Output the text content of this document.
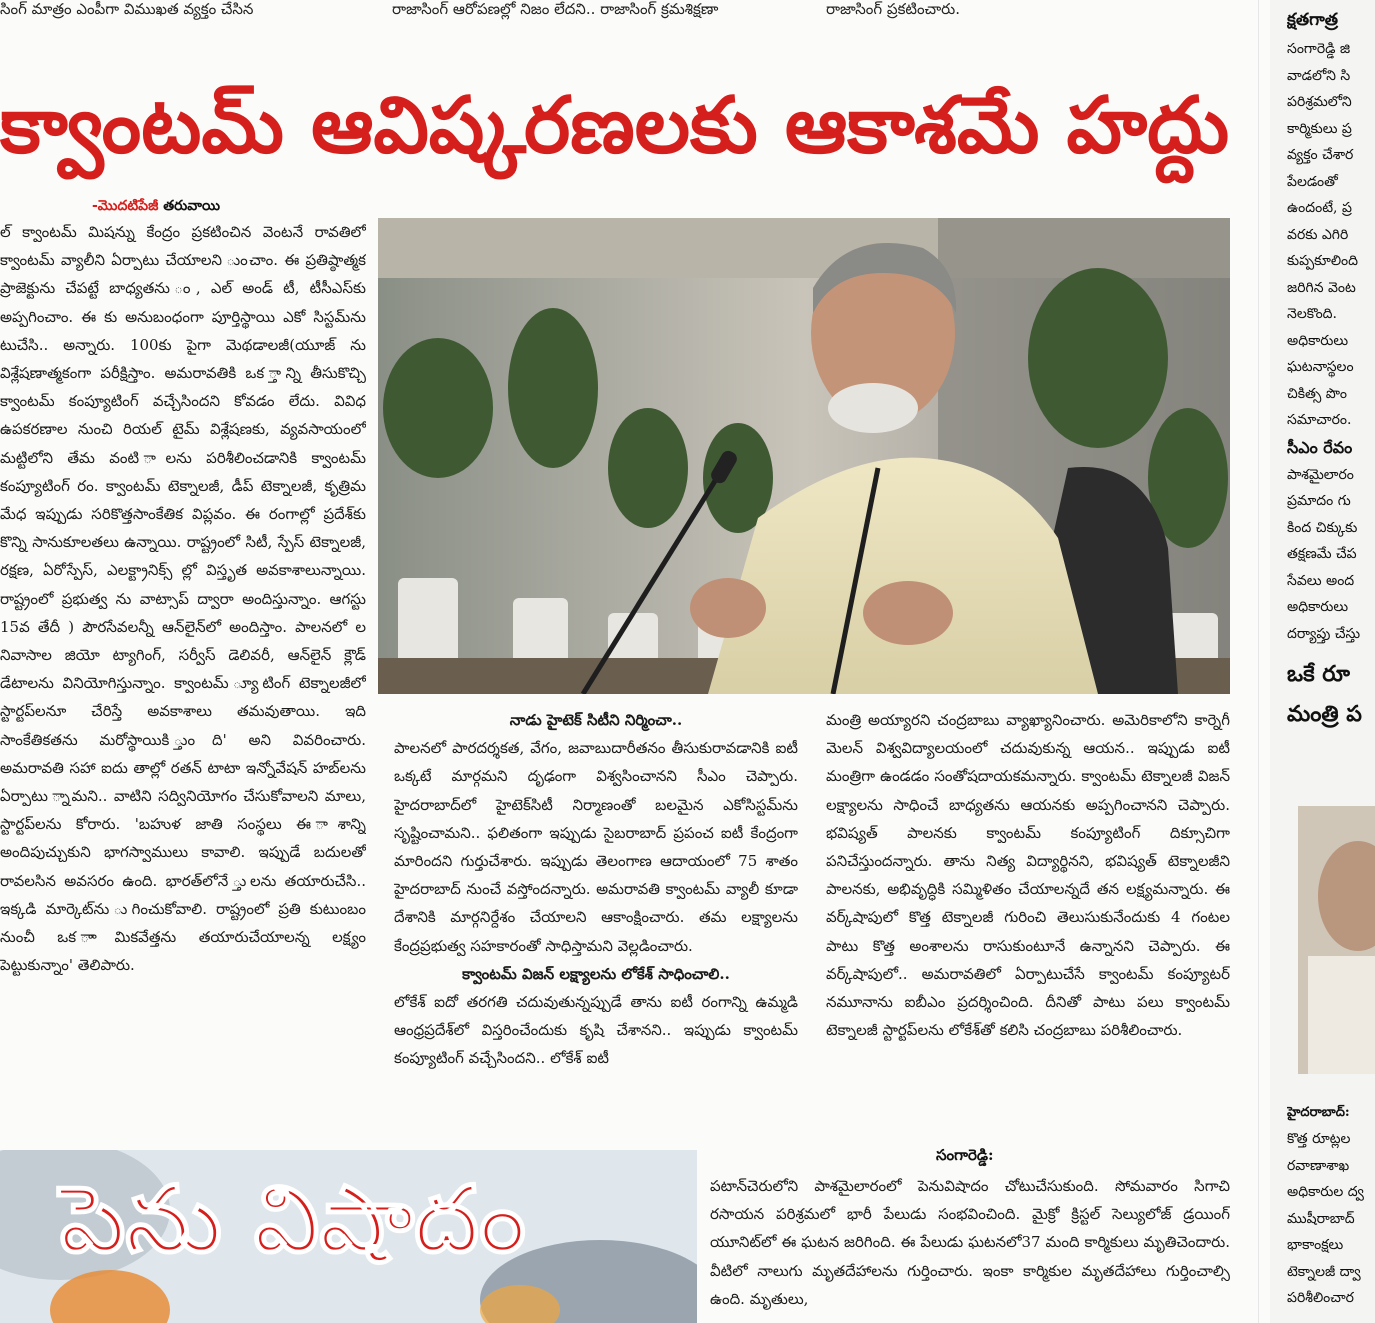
సింగ్ మాత్రం ఎంపీగా విముఖత వ్యక్తం చేసిన	రాజాసింగ్ ఆరోపణల్లో నిజం లేదని.. రాజాసింగ్ క్రమశిక్షణా	రాజాసింగ్ ప్రకటించారు.
క్వాంటమ్ ఆవిష్కరణలకు ఆకాశమే హద్దు
-మొదటిపేజీ తరువాయి

ల్ క్వాంటమ్ మిషన్ను కేంద్రం ప్రకటించిన వెంటనే రావతిలో క్వాంటమ్ వ్యాలీని ఏర్పాటు చేయాలని ుంచాం. ఈ ప్రతిష్ఠాత్మక ప్రాజెక్టును చేపట్టే బాధ్యతను ం, ఎల్ అండ్ టీ, టీసీఎస్‌కు అప్పగించాం. ఈ కు అనుబంధంగా పూర్తిస్థాయి ఎకో సిస్టమ్‌ను టుచేసి.. అన్నారు. 100కు పైగా మెథడాలజీ(యూజ్ ను విశ్లేషణాత్మకంగా పరీక్షిస్తాం. అమరావతికి ఒక ్తాన్ని తీసుకొచ్చి క్వాంటమ్ కంప్యూటింగ్ వచ్చేసిందని కోవడం లేదు. వివిధ ఉపకరణాల నుంచి రియల్ టైమ్ విశ్లేషణకు, వ్యవసాయంలో మట్టిలోని తేమ వంటి ాలను పరిశీలించడానికి క్వాంటమ్ కంప్యూటింగ్ రం. క్వాంటమ్ టెక్నాలజీ, డీప్ టెక్నాలజీ, కృత్రిమ మేధ ఇప్పుడు సరికొత్తసాంకేతిక విప్లవం. ఈ రంగాల్లో ప్రదేశ్‌కు కొన్ని సానుకూలతలు ఉన్నాయి. రాష్ట్రంలో సిటీ, స్పేస్ టెక్నాలజీ, రక్షణ, ఏరోస్పేస్, ఎలక్ట్రానిక్స్ ల్లో విస్తృత అవకాశాలున్నాయి. రాష్ట్రంలో ప్రభుత్వ ను వాట్సాప్ ద్వారా అందిస్తున్నాం. ఆగస్టు 15వ తేదీ ) పౌరసేవలన్నీ ఆన్‌లైన్‌లో అందిస్తాం. పాలనలో ల నివాసాల జియో ట్యాగింగ్, సర్వీస్ డెలివరీ, ఆన్‌లైన్ క్లౌడ్ డేటాలను వినియోగిస్తున్నాం. క్వాంటమ్ ్యూటింగ్ టెక్నాలజీలో స్టార్టప్‌లనూ చేరిస్తే అవకాశాలు తమవుతాయి. ఇది సాంకేతికతను మరోస్థాయికి ్తుంది' అని వివరించారు. అమరావతి సహా ఐదు తాల్లో రతన్ టాటా ఇన్నోవేషన్ హబ్‌లను ఏర్పాటు ్నామని.. వాటిని సద్వినియోగం చేసుకోవాలని మాలు, స్టార్టప్‌లను కోరారు. 'బహుళ జాతి సంస్థలు ఈ ాశాన్ని అందిపుచ్చుకుని భాగస్వాములు కావాలి. ఇప్పుడే బదులతో రావలసిన అవసరం ఉంది. భారత్‌లోనే ్తులను తయారుచేసి.. ఇక్కడి మార్కెట్‌ను ుగించుకోవాలి. రాష్ట్రంలో ప్రతి కుటుంబం నుంచీ ఒక ాామికవేత్తను తయారుచేయాలన్న లక్ష్యం పెట్టుకున్నాం' తెలిపారు.

నాడు హైటెక్ సిటీని నిర్మించా..

పాలనలో పారదర్శకత, వేగం, జవాబుదారీతనం తీసుకురావడానికి ఐటీ ఒక్కటే మార్గమని దృఢంగా విశ్వసించానని సీఎం చెప్పారు. హైదరాబాద్‌లో హైటెక్‌సిటీ నిర్మాణంతో బలమైన ఎకోసిస్టమ్‌ను సృష్టించామని.. ఫలితంగా ఇప్పుడు సైబరాబాద్ ప్రపంచ ఐటీ కేంద్రంగా మారిందని గుర్తుచేశారు. ఇప్పుడు తెలంగాణ ఆదాయంలో 75 శాతం హైదరాబాద్ నుంచే వస్తోందన్నారు. అమరావతి క్వాంటమ్ వ్యాలీ కూడా దేశానికి మార్గనిర్దేశం చేయాలని ఆకాంక్షించారు. తమ లక్ష్యాలను కేంద్రప్రభుత్వ సహకారంతో సాధిస్తామని వెల్లడించారు.

క్వాంటమ్ విజన్ లక్ష్యాలను లోకేశ్ సాధించాలి..

లోకేశ్ ఐదో తరగతి చదువుతున్నప్పుడే తాను ఐటీ రంగాన్ని ఉమ్మడి ఆంధ్రప్రదేశ్‌లో విస్తరించేందుకు కృషి చేశానని.. ఇప్పుడు క్వాంటమ్ కంప్యూటింగ్ వచ్చేసిందని.. లోకేశ్ ఐటీ

మంత్రి అయ్యారని చంద్రబాబు వ్యాఖ్యానించారు. అమెరికాలోని కార్నెగీ మెలన్ విశ్వవిద్యాలయంలో చదువుకున్న ఆయన.. ఇప్పుడు ఐటీ మంత్రిగా ఉండడం సంతోషదాయకమన్నారు. క్వాంటమ్ టెక్నాలజీ విజన్ లక్ష్యాలను సాధించే బాధ్యతను ఆయనకు అప్పగించానని చెప్పారు. భవిష్యత్ పాలనకు క్వాంటమ్ కంప్యూటింగ్ దిక్సూచిగా పనిచేస్తుందన్నారు. తాను నిత్య విద్యార్థినని, భవిష్యత్ టెక్నాలజీని పాలనకు, అభివృద్ధికి సమ్మిళితం చేయాలన్నదే తన లక్ష్యమన్నారు. ఈ వర్క్‌షాపులో కొత్త టెక్నాలజీ గురించి తెలుసుకునేందుకు 4 గంటల పాటు కొత్త అంశాలను రాసుకుంటూనే ఉన్నానని చెప్పారు. ఈ వర్క్‌షాపులో.. అమరావతిలో ఏర్పాటుచేసే క్వాంటమ్ కంప్యూటర్ నమూనాను ఐబీఎం ప్రదర్శించింది. దీనితో పాటు పలు క్వాంటమ్ టెక్నాలజీ స్టార్టప్‌లను లోకేశ్‌తో కలిసి చంద్రబాబు పరిశీలించారు.

పెను విషాదం
సంగారెడ్డి:

పటాన్‌చెరులోని పాశమైలారంలో పెనువిషాదం చోటుచేసుకుంది. సోమవారం సిగాచి రసాయన పరిశ్రమలో భారీ పేలుడు సంభవించింది. మైక్రో క్రిస్టల్ సెల్యులోజ్ డ్రయింగ్ యూనిట్‌లో ఈ ఘటన జరిగింది. ఈ పేలుడు ఘటనలో37 మంది కార్మికులు మృతిచెందారు. వీటిలో నాలుగు మృతదేహాలను గుర్తించారు. ఇంకా కార్మికుల మృతదేహాలు గుర్తించాల్సి ఉంది. మృతులు,

క్షతగాత్ర
సంగారెడ్డి జి
వాడలోని సి
పరిశ్రమలోని
కార్మికులు ప్ర
వ్యక్తం చేశార
పేలడంతో
ఉందంటే, ప్ర
వరకు ఎగిరి
కుప్పకూలింది
జరిగిన వెంట
నెలకొంది.
అధికారులు
ఘటనాస్థలం
చికిత్స పొం
సమాచారం.
సీఎం రేవం
పాశమైలారం
ప్రమాదం గు
కింద చిక్కుకు
తక్షణమే చేప
సేవలు అంద
అధికారులు
దర్యాప్తు చేస్తు
ఒకే రూ
మంత్రి ప
హైదరాబాద్:
కొత్త రూట్లల
రవాణాశాఖ
అధికారుల ద్వ
ముషీరాబాద్‌
భాకాంక్షలు
టెక్నాలజీ ద్వా
పరిశీలించార
